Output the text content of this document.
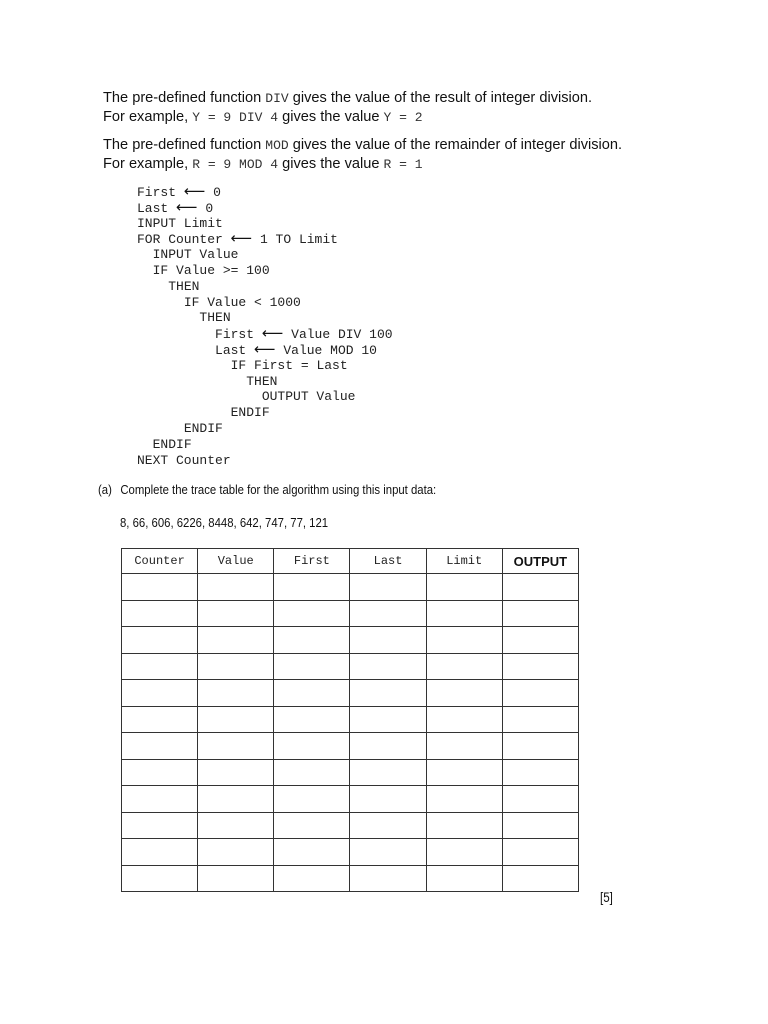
The pre-defined function DIV gives the value of the result of integer division.
For example, Y = 9 DIV 4 gives the value Y = 2
The pre-defined function MOD gives the value of the remainder of integer division.
For example, R = 9 MOD 4 gives the value R = 1
First ⟵ 0
Last ⟵ 0
INPUT Limit
FOR Counter ⟵ 1 TO Limit
INPUT Value
IF Value >= 100
THEN
IF Value < 1000
THEN
First ⟵ Value DIV 100
Last ⟵ Value MOD 10
IF First = Last
THEN
OUTPUT Value
ENDIF
ENDIF
ENDIF
NEXT Counter
(a) Complete the trace table for the algorithm using this input data:
8, 66, 606, 6226, 8448, 642, 747, 77, 121
Counter	Value	First	Last	Limit	OUTPUT

[5]
